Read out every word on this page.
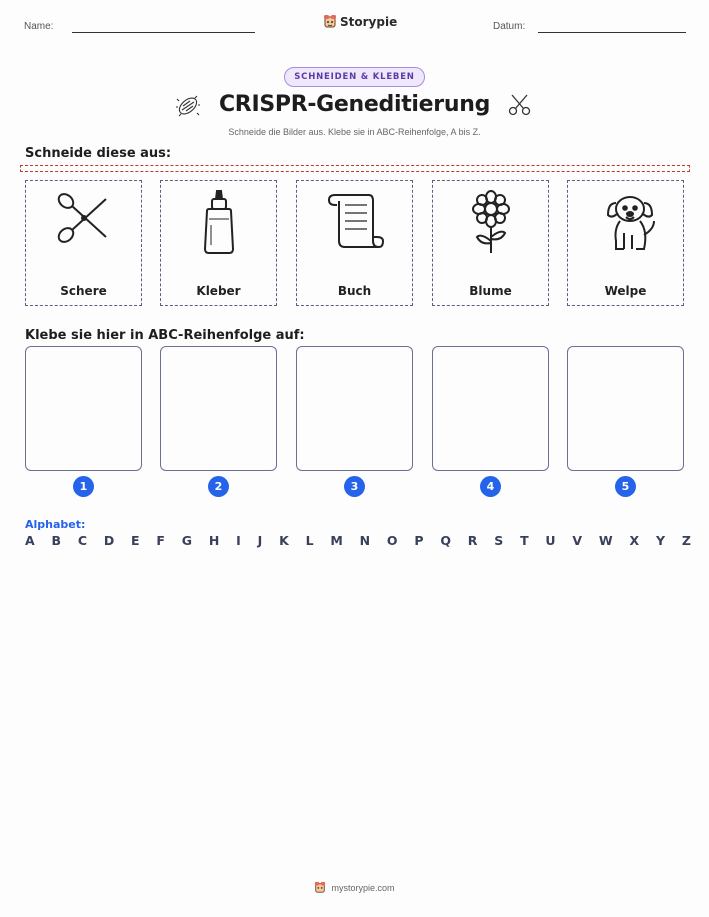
Name:	Storypie	Datum:
SCHNEIDEN & KLEBEN
CRISPR-Geneditierung
Schneide die Bilder aus. Klebe sie in ABC-Reihenfolge, A bis Z.
Schneide diese aus:
Schere	Kleber	Buch	Blume	Welpe
Klebe sie hier in ABC-Reihenfolge auf:
1	2	3	4	5
Alphabet:
A B C D E F G H I J K L M N O P Q R S T U V W X Y Z
mystorypie.com
